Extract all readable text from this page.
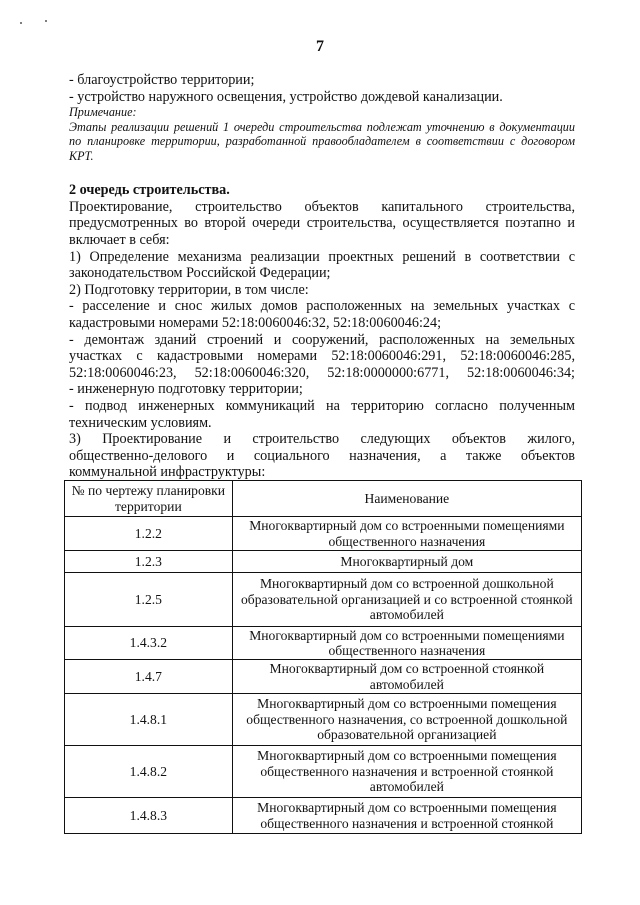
7
- благоустройство территории;
- устройство наружного освещения, устройство дождевой канализации.
Примечание:
Этапы реализации решений 1 очереди строительства подлежат уточнению в документации
по планировке территории, разработанной правообладателем в соответствии с договором
КРТ.
2 очередь строительства.
Проектирование, строительство объектов капитального строительства,
предусмотренных во второй очереди строительства, осуществляется поэтапно и
включает в себя:
1) Определение механизма реализации проектных решений в соответствии с
законодательством Российской Федерации;
2) Подготовку территории, в том числе:
- расселение и снос жилых домов расположенных на земельных участках с
кадастровыми номерами 52:18:0060046:32, 52:18:0060046:24;
- демонтаж зданий строений и сооружений, расположенных на земельных
участках с кадастровыми номерами 52:18:0060046:291, 52:18:0060046:285,
52:18:0060046:23, 52:18:0060046:320, 52:18:0000000:6771, 52:18:0060046:34;
- инженерную подготовку территории;
- подвод инженерных коммуникаций на территорию согласно полученным
техническим условиям.
3) Проектирование и строительство следующих объектов жилого,
общественно-делового и социального назначения, а также объектов
коммунальной инфраструктуры:
№ по чертежу планировки территории	Наименование
1.2.2	Многоквартирный дом со встроенными помещениями общественного назначения
1.2.3	Многоквартирный дом
1.2.5	Многоквартирный дом со встроенной дошкольной образовательной организацией и со встроенной стоянкой автомобилей
1.4.3.2	Многоквартирный дом со встроенными помещениями общественного назначения
1.4.7	Многоквартирный дом со встроенной стоянкой автомобилей
1.4.8.1	Многоквартирный дом со встроенными помещения общественного назначения, со встроенной дошкольной образовательной организацией
1.4.8.2	Многоквартирный дом со встроенными помещения общественного назначения и встроенной стоянкой автомобилей
1.4.8.3	Многоквартирный дом со встроенными помещения общественного назначения и встроенной стоянкой
